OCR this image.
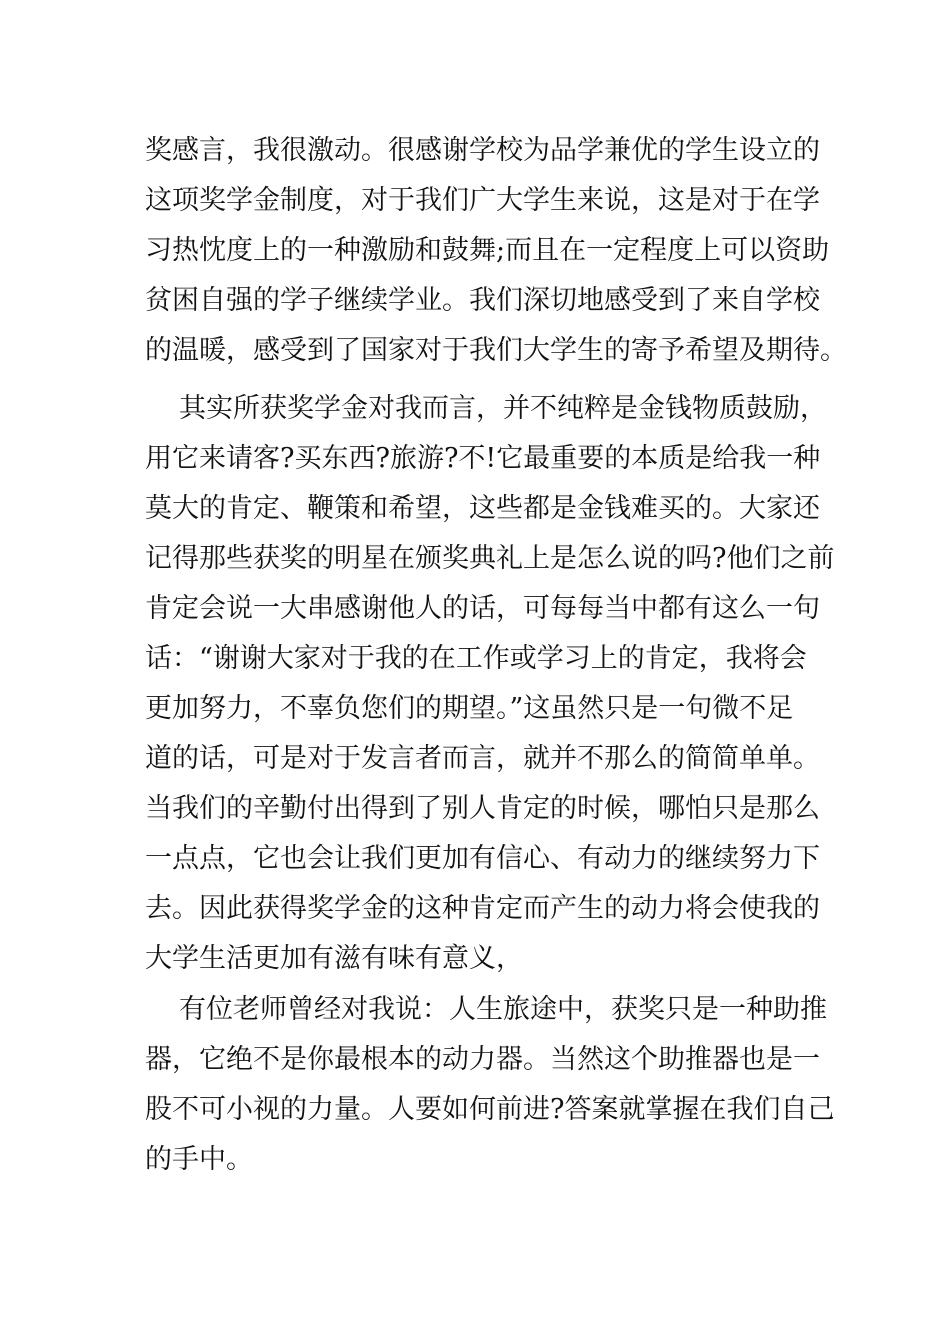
奖感言，我很激动。很感谢学校为品学兼优的学生设立的
这项奖学金制度，对于我们广大学生来说，这是对于在学
习热忱度上的一种激励和鼓舞;而且在一定程度上可以资助
贫困自强的学子继续学业。我们深切地感受到了来自学校
的温暖，感受到了国家对于我们大学生的寄予希望及期待。
其实所获奖学金对我而言，并不纯粹是金钱物质鼓励，
用它来请客?买东西?旅游?不!它最重要的本质是给我一种
莫大的肯定、鞭策和希望，这些都是金钱难买的。大家还
记得那些获奖的明星在颁奖典礼上是怎么说的吗?他们之前
肯定会说一大串感谢他人的话，可每每当中都有这么一句
话：“谢谢大家对于我的在工作或学习上的肯定，我将会
更加努力，不辜负您们的期望。”这虽然只是一句微不足
道的话，可是对于发言者而言，就并不那么的简简单单。
当我们的辛勤付出得到了别人肯定的时候，哪怕只是那么
一点点，它也会让我们更加有信心、有动力的继续努力下
去。因此获得奖学金的这种肯定而产生的动力将会使我的
大学生活更加有滋有味有意义，
有位老师曾经对我说：人生旅途中，获奖只是一种助推
器，它绝不是你最根本的动力器。当然这个助推器也是一
股不可小视的力量。人要如何前进?答案就掌握在我们自己
的手中。
